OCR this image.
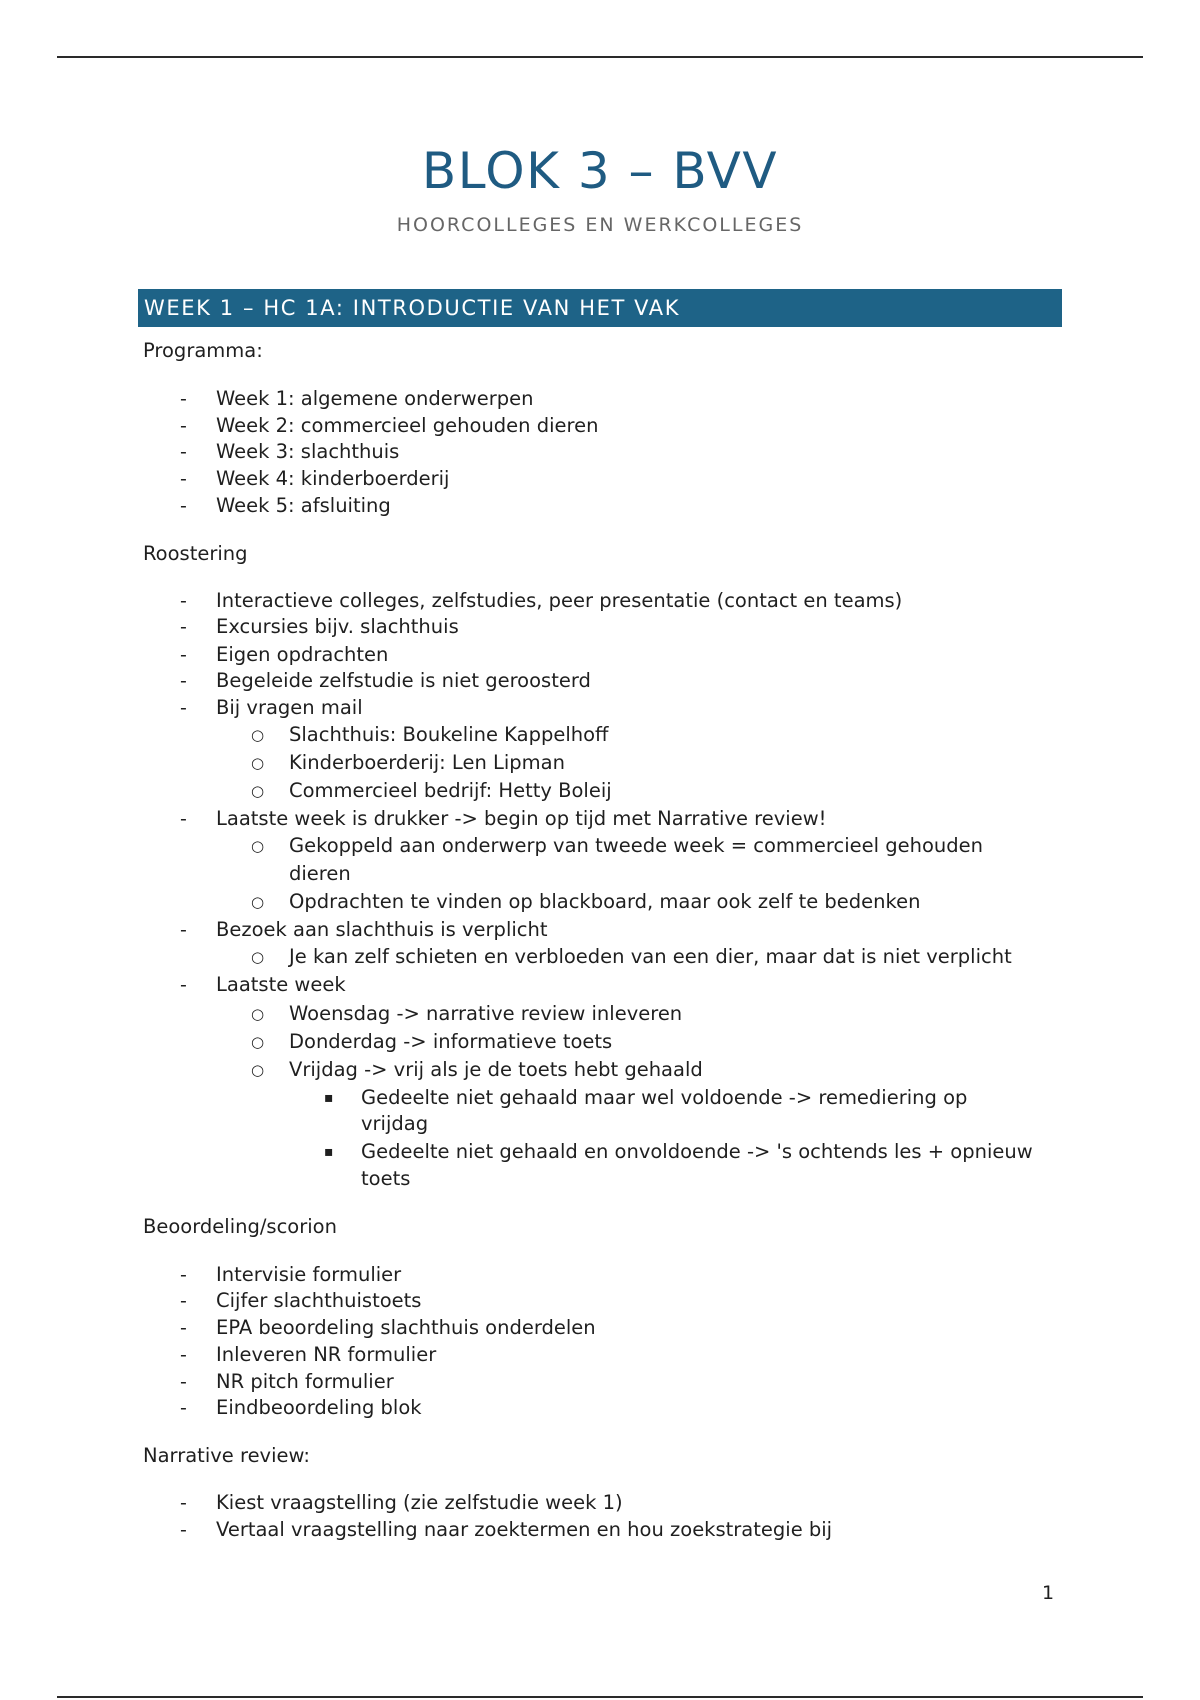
BLOK 3 – BVV
HOORCOLLEGES EN WERKCOLLEGES
WEEK 1 – HC 1A: INTRODUCTIE VAN HET VAK
Programma:
- Week 1: algemene onderwerpen
- Week 2: commercieel gehouden dieren
- Week 3: slachthuis
- Week 4: kinderboerderij
- Week 5: afsluiting
Roostering
- Interactieve colleges, zelfstudies, peer presentatie (contact en teams)
- Excursies bijv. slachthuis
- Eigen opdrachten
- Begeleide zelfstudie is niet geroosterd
- Bij vragen mail
○ Slachthuis: Boukeline Kappelhoff
○ Kinderboerderij: Len Lipman
○ Commercieel bedrijf: Hetty Boleij
- Laatste week is drukker -> begin op tijd met Narrative review!
○ Gekoppeld aan onderwerp van tweede week = commercieel gehouden
dieren
○ Opdrachten te vinden op blackboard, maar ook zelf te bedenken
- Bezoek aan slachthuis is verplicht
○ Je kan zelf schieten en verbloeden van een dier, maar dat is niet verplicht
- Laatste week
○ Woensdag -> narrative review inleveren
○ Donderdag -> informatieve toets
○ Vrijdag -> vrij als je de toets hebt gehaald
▪ Gedeelte niet gehaald maar wel voldoende -> remediering op
vrijdag
▪ Gedeelte niet gehaald en onvoldoende -> 's ochtends les + opnieuw
toets
Beoordeling/scorion
- Intervisie formulier
- Cijfer slachthuistoets
- EPA beoordeling slachthuis onderdelen
- Inleveren NR formulier
- NR pitch formulier
- Eindbeoordeling blok
Narrative review:
- Kiest vraagstelling (zie zelfstudie week 1)
- Vertaal vraagstelling naar zoektermen en hou zoekstrategie bij
1
